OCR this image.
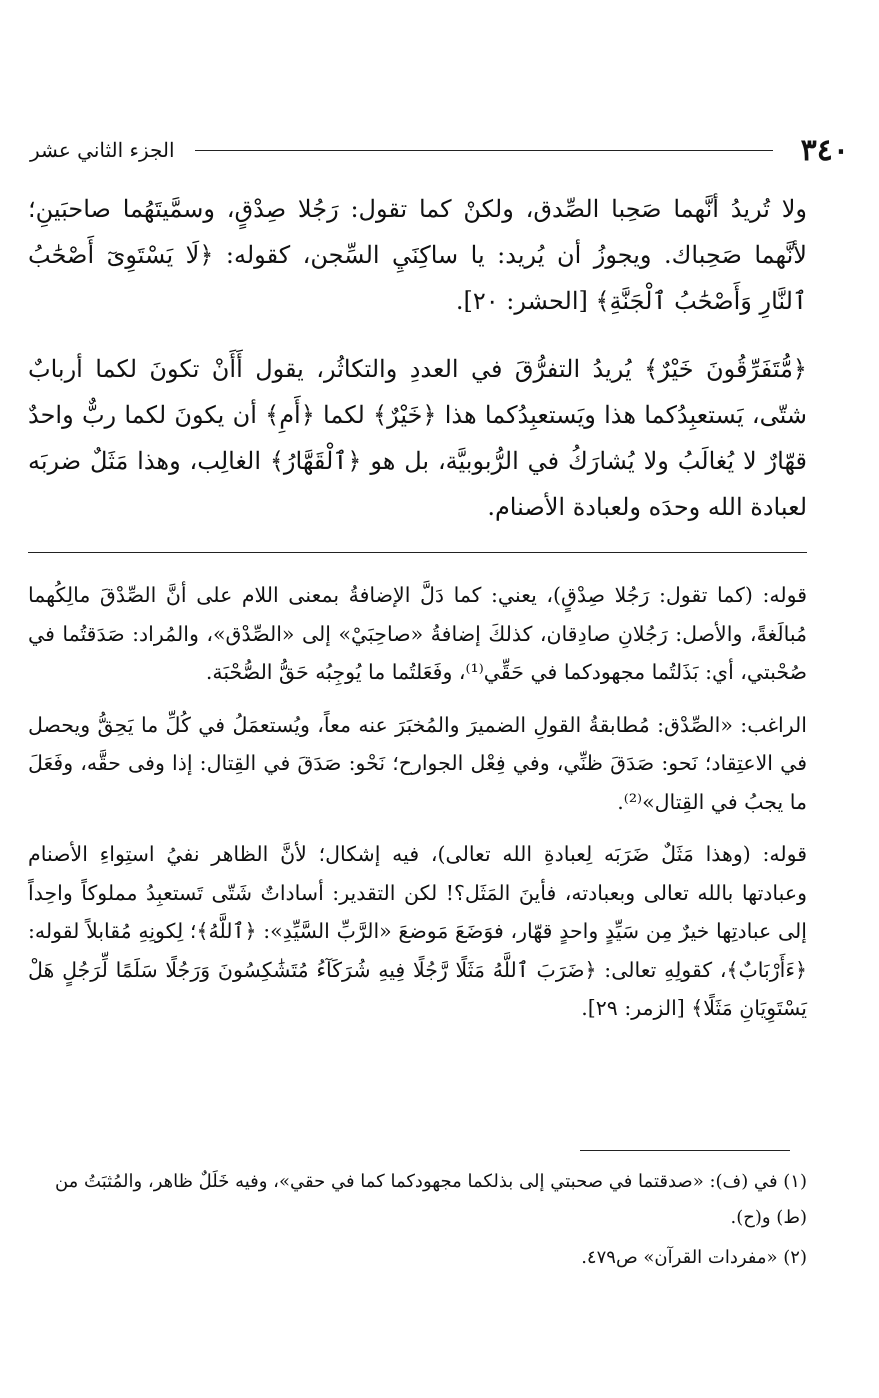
٣٤٠
الجزء الثاني عشر

ولا تُريدُ أنَّهما صَحِبا الصِّدق، ولكنْ كما تقول: رَجُلا صِدْقٍ، وسمَّيتَهُما صاحبَينِ؛ لأنَّهما صَحِباك. ويجوزُ أن يُريد: يا ساكِنَيِ السِّجن، كقوله: ﴿لَا يَسْتَوِىٓ أَصْحَٰبُ ٱلنَّارِ وَأَصْحَٰبُ ٱلْجَنَّةِ﴾ [الحشر: ٢٠].

﴿مُّتَفَرِّقُونَ خَيْرٌ﴾ يُريدُ التفرُّقَ في العددِ والتكاثُر، يقول أَأَنْ تكونَ لكما أربابٌ شتّى، يَستعبِدُكما هذا ويَستعبِدُكما هذا ﴿خَيْرٌ﴾ لكما ﴿أَمِ﴾ أن يكونَ لكما ربٌّ واحدٌ قهّارٌ لا يُغالَبُ ولا يُشارَكُ في الرُّبوبيَّة، بل هو ﴿ٱلْقَهَّارُ﴾ الغالِب، وهذا مَثَلٌ ضربَه لعبادة الله وحدَه ولعبادة الأصنام.

قوله: (كما تقول: رَجُلا صِدْقٍ)، يعني: كما دَلَّ الإضافةُ بمعنى اللام على أنَّ الصِّدْقَ مالِكُهما مُبالَغةً، والأصل: رَجُلانِ صادِقان، كذلكَ إضافةُ «صاحِبَيْ» إلى «الصِّدْق»، والمُراد: صَدَقتُما في صُحْبتي، أي: بَذَلتُما مجهودكما في حَقِّي⁽¹⁾، وفَعَلتُما ما يُوجِبُه حَقُّ الصُّحْبَة.

الراغب: «الصِّدْق: مُطابقةُ القولِ الضميرَ والمُخبَرَ عنه معاً، ويُستعمَلُ في كُلِّ ما يَحِقُّ ويحصل في الاعتِقاد؛ نَحو: صَدَقَ ظنِّي، وفي فِعْل الجوارح؛ نَحْو: صَدَقَ في القِتال: إذا وفى حقَّه، وفَعَلَ ما يجبُ في القِتال»⁽²⁾.

قوله: (وهذا مَثَلٌ ضَرَبَه لِعبادةِ الله تعالى)، فيه إشكال؛ لأنَّ الظاهر نفيُ استِواءِ الأصنام وعبادتها بالله تعالى وبعبادته، فأينَ المَثَل؟! لكن التقدير: أساداتٌ شَتّى تَستعبِدُ مملوكاً واحِداً إلى عبادتِها خيرٌ مِن سَيِّدٍ واحدٍ قهّار، فوَضَعَ مَوضعَ «الرَّبِّ السَّيِّدِ»: ﴿ٱللَّهُ﴾؛ لِكونِهِ مُقابلاً لقوله: ﴿ءَأَرْبَابٌ﴾، كقولِهِ تعالى: ﴿ضَرَبَ ٱللَّهُ مَثَلًا رَّجُلًا فِيهِ شُرَكَآءُ مُتَشَٰكِسُونَ وَرَجُلًا سَلَمًا لِّرَجُلٍ هَلْ يَسْتَوِيَانِ مَثَلًا﴾ [الزمر: ٢٩].

(١) في (ف): «صدقتما في صحبتي إلى بذلكما مجهودكما كما في حقي»، وفيه خَلَلٌ ظاهر، والمُثبَتُ من (ط) و(ح).

(٢) «مفردات القرآن» ص٤٧٩.
